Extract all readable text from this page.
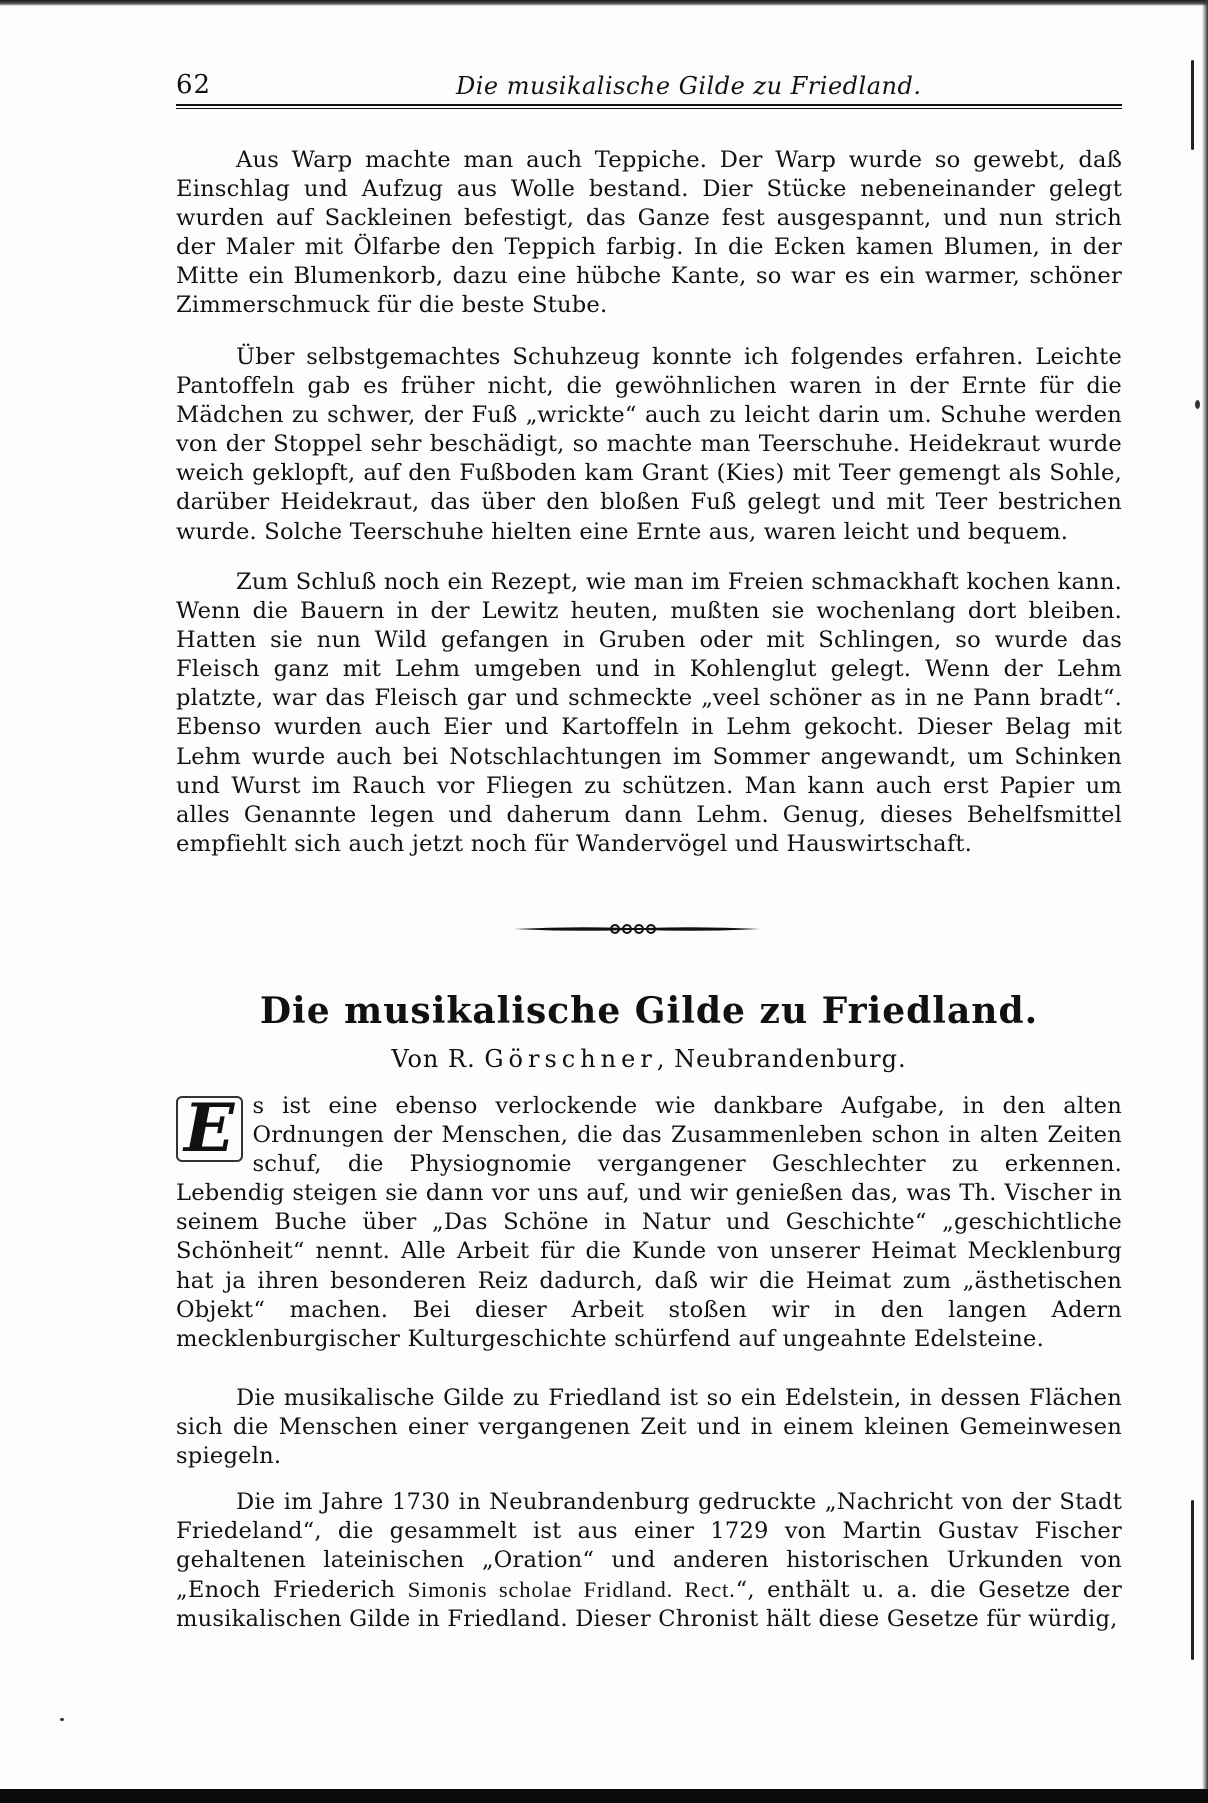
62	Die musikalische Gilde zu Friedland.

Aus Warp machte man auch Teppiche. Der Warp wurde so gewebt, daß Einschlag und Aufzug aus Wolle bestand. Dier Stücke nebeneinander gelegt wurden auf Sackleinen befestigt, das Ganze fest ausgespannt, und nun strich der Maler mit Ölfarbe den Teppich farbig. In die Ecken kamen Blumen, in der Mitte ein Blumenkorb, dazu eine hübche Kante, so war es ein warmer, schöner Zimmerschmuck für die beste Stube.

Über selbstgemachtes Schuhzeug konnte ich folgendes erfahren. Leichte Pantoffeln gab es früher nicht, die gewöhnlichen waren in der Ernte für die Mädchen zu schwer, der Fuß „wrickte“ auch zu leicht darin um. Schuhe werden von der Stoppel sehr beschädigt, so machte man Teerschuhe. Heidekraut wurde weich geklopft, auf den Fußboden kam Grant (Kies) mit Teer gemengt als Sohle, darüber Heidekraut, das über den bloßen Fuß gelegt und mit Teer bestrichen wurde. Solche Teerschuhe hielten eine Ernte aus, waren leicht und bequem.

Zum Schluß noch ein Rezept, wie man im Freien schmackhaft kochen kann. Wenn die Bauern in der Lewitz heuten, mußten sie wochenlang dort bleiben. Hatten sie nun Wild gefangen in Gruben oder mit Schlingen, so wurde das Fleisch ganz mit Lehm umgeben und in Kohlenglut gelegt. Wenn der Lehm platzte, war das Fleisch gar und schmeckte „veel schöner as in ne Pann bradt“. Ebenso wurden auch Eier und Kartoffeln in Lehm gekocht. Dieser Belag mit Lehm wurde auch bei Notschlachtungen im Sommer angewandt, um Schinken und Wurst im Rauch vor Fliegen zu schützen. Man kann auch erst Papier um alles Genannte legen und daherum dann Lehm. Genug, dieses Behelfsmittel empfiehlt sich auch jetzt noch für Wandervögel und Hauswirtschaft.

Die musikalische Gilde zu Friedland.
Von R. Görschner, Neubrandenburg.

E s ist eine ebenso verlockende wie dankbare Aufgabe, in den alten Ordnungen der Menschen, die das Zusammenleben schon in alten Zeiten schuf, die Physiognomie vergangener Geschlechter zu erkennen. Lebendig steigen sie dann vor uns auf, und wir genießen das, was Th. Vischer in seinem Buche über „Das Schöne in Natur und Geschichte“ „geschichtliche Schönheit“ nennt. Alle Arbeit für die Kunde von unserer Heimat Mecklenburg hat ja ihren besonderen Reiz dadurch, daß wir die Heimat zum „ästhetischen Objekt“ machen. Bei dieser Arbeit stoßen wir in den langen Adern mecklenburgischer Kulturgeschichte schürfend auf ungeahnte Edelsteine.

Die musikalische Gilde zu Friedland ist so ein Edelstein, in dessen Flächen sich die Menschen einer vergangenen Zeit und in einem kleinen Gemeinwesen spiegeln.

Die im Jahre 1730 in Neubrandenburg gedruckte „Nachricht von der Stadt Friedeland“, die gesammelt ist aus einer 1729 von Martin Gustav Fischer gehaltenen lateinischen „Oration“ und anderen historischen Urkunden von „Enoch Friederich Simonis scholae Fridland. Rect.“, enthält u. a. die Gesetze der musikalischen Gilde in Friedland. Dieser Chronist hält diese Gesetze für würdig,
